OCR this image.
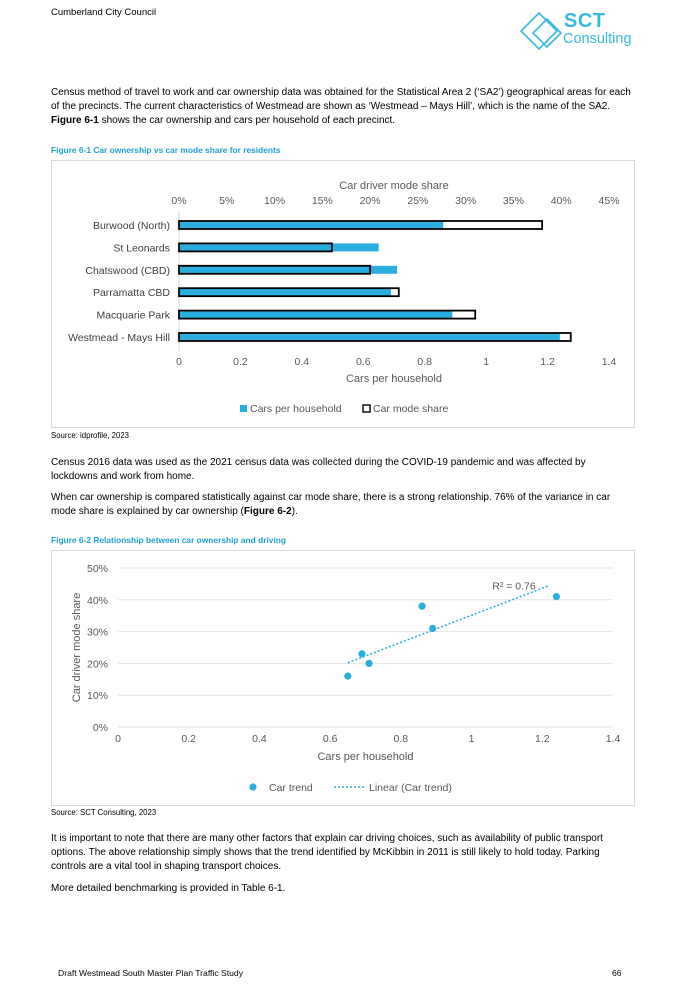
Cumberland City Council	SCT
Consulting

Census method of travel to work and car ownership data was obtained for the Statistical Area 2 (‘SA2’) geographical areas for each of the precincts. The current characteristics of Westmead are shown as ‘Westmead – Mays Hill’, which is the name of the SA2. Figure 6-1 shows the car ownership and cars per household of each precinct.

Figure 6-1 Car ownership vs car mode share for residents
Car driver mode share
0%	5%	10%	15%	20%	25%	30%	35%	40%	45%
0	0.2	0.4	0.6	0.8	1	1.2	1.4
Cars per household
Burwood (North)
St Leonards
Chatswood (CBD)
Parramatta CBD
Macquarie Park
Westmead - Mays Hill
Cars per household	Car mode share
Source: idprofile, 2023

Census 2016 data was used as the 2021 census data was collected during the COVID-19 pandemic and was affected by lockdowns and work from home.

When car ownership is compared statistically against car mode share, there is a strong relationship. 76% of the variance in car mode share is explained by car ownership (Figure 6-2).

Figure 6-2 Relationship between car ownership and driving
0%
10%
20%
30%
40%
50%
0	0.2	0.4	0.6	0.8	1	1.2	1.4
Cars per household
Car driver mode share
R² = 0.76
Car trend	Linear (Car trend)
Source: SCT Consulting, 2023

It is important to note that there are many other factors that explain car driving choices, such as availability of public transport options. The above relationship simply shows that the trend identified by McKibbin in 2011 is still likely to hold today. Parking controls are a vital tool in shaping transport choices.

More detailed benchmarking is provided in Table 6-1.

Draft Westmead South Master Plan Traffic Study	66
